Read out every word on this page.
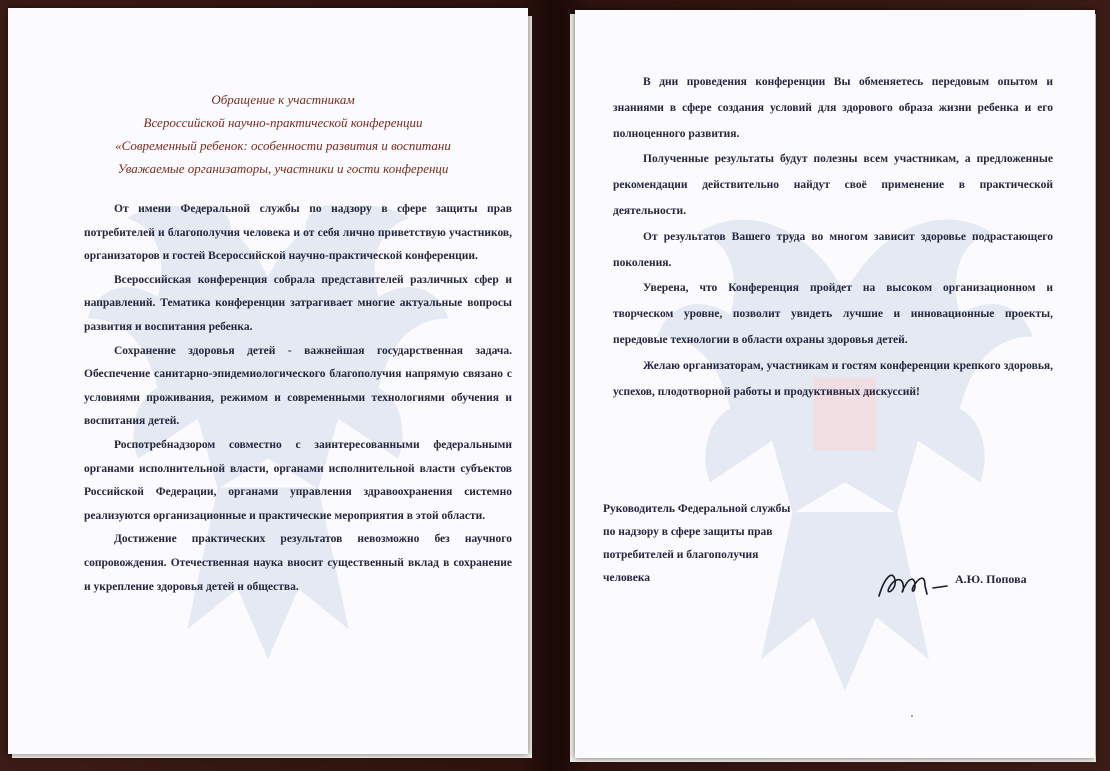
Обращение к участникам
Всероссийской научно-практической конференции
«Современный ребенок: особенности развития и воспитани
Уважаемые организаторы, участники и гости конференци

От имени Федеральной службы по надзору в сфере защиты прав потребителей и благополучия человека и от себя лично приветствую участников, организаторов и гостей Всероссийской научно-практической конференции.

Всероссийская конференция собрала представителей различных сфер и направлений. Тематика конференции затрагивает многие актуальные вопросы развития и воспитания ребенка.

Сохранение здоровья детей - важнейшая государственная задача. Обеспечение санитарно-эпидемиологического благополучия напрямую связано с условиями проживания, режимом и современными технологиями обучения и воспитания детей.

Роспотребнадзором совместно с заинтересованными федеральными органами исполнительной власти, органами исполнительной власти субъектов Российской Федерации, органами управления здравоохранения системно реализуются организационные и практические мероприятия в этой области.

Достижение практических результатов невозможно без научного сопровождения. Отечественная наука вносит существенный вклад в сохранение и укрепление здоровья детей и общества.

В дни проведения конференции Вы обменяетесь передовым опытом и знаниями в сфере создания условий для здорового образа жизни ребенка и его полноценного развития.

Полученные результаты будут полезны всем участникам, а предложенные рекомендации действительно найдут своё применение в практической деятельности.

От результатов Вашего труда во многом зависит здоровье подрастающего поколения.

Уверена, что Конференция пройдет на высоком организационном и творческом уровне, позволит увидеть лучшие и инновационные проекты, передовые технологии в области охраны здоровья детей.

Желаю организаторам, участникам и гостям конференции крепкого здоровья, успехов, плодотворной работы и продуктивных дискуссий!

Руководитель Федеральной службы
по надзору в сфере защиты прав
потребителей и благополучия
человека	А.Ю. Попова
